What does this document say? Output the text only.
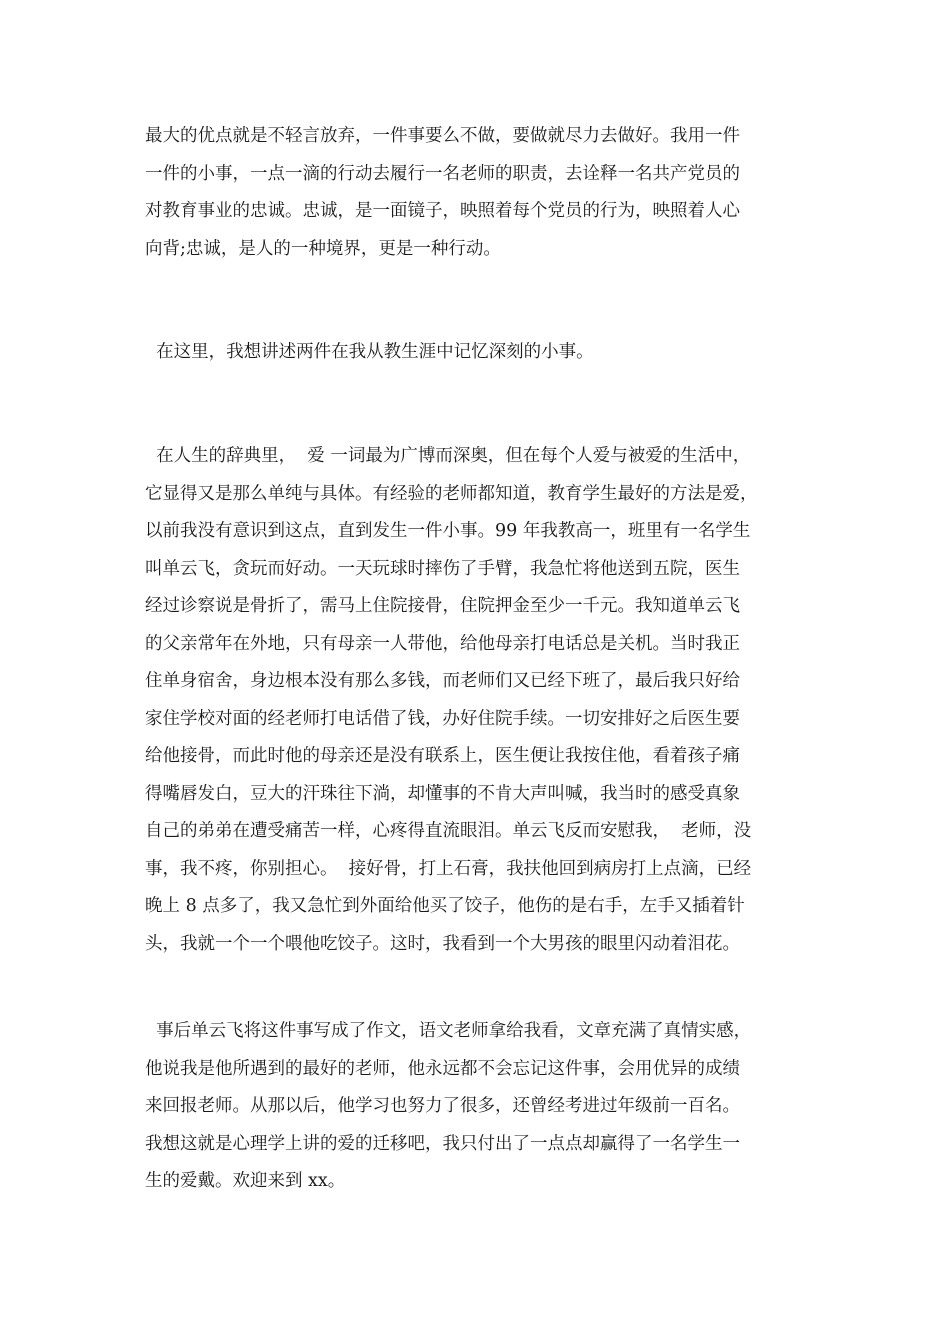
最大的优点就是不轻言放弃，一件事要么不做，要做就尽力去做好。我用一件
一件的小事，一点一滴的行动去履行一名老师的职责，去诠释一名共产党员的
对教育事业的忠诚。忠诚，是一面镜子，映照着每个党员的行为，映照着人心
向背;忠诚，是人的一种境界，更是一种行动。
在这里，我想讲述两件在我从教生涯中记忆深刻的小事。
在人生的辞典里，  爱 一词最为广博而深奥，但在每个人爱与被爱的生活中，
它显得又是那么单纯与具体。有经验的老师都知道，教育学生最好的方法是爱，
以前我没有意识到这点，直到发生一件小事。99 年我教高一，班里有一名学生
叫单云飞，贪玩而好动。一天玩球时摔伤了手臂，我急忙将他送到五院，医生
经过诊察说是骨折了，需马上住院接骨，住院押金至少一千元。我知道单云飞
的父亲常年在外地，只有母亲一人带他，给他母亲打电话总是关机。当时我正
住单身宿舍，身边根本没有那么多钱，而老师们又已经下班了，最后我只好给
家住学校对面的经老师打电话借了钱，办好住院手续。一切安排好之后医生要
给他接骨，而此时他的母亲还是没有联系上，医生便让我按住他，看着孩子痛
得嘴唇发白，豆大的汗珠往下淌，却懂事的不肯大声叫喊，我当时的感受真象
自己的弟弟在遭受痛苦一样，心疼得直流眼泪。单云飞反而安慰我，  老师，没
事，我不疼，你别担心。  接好骨，打上石膏，我扶他回到病房打上点滴，已经
晚上 8 点多了，我又急忙到外面给他买了饺子，他伤的是右手，左手又插着针
头，我就一个一个喂他吃饺子。这时，我看到一个大男孩的眼里闪动着泪花。
事后单云飞将这件事写成了作文，语文老师拿给我看，文章充满了真情实感，
他说我是他所遇到的最好的老师，他永远都不会忘记这件事，会用优异的成绩
来回报老师。从那以后，他学习也努力了很多，还曾经考进过年级前一百名。
我想这就是心理学上讲的爱的迁移吧，我只付出了一点点却赢得了一名学生一
生的爱戴。欢迎来到 xx。
